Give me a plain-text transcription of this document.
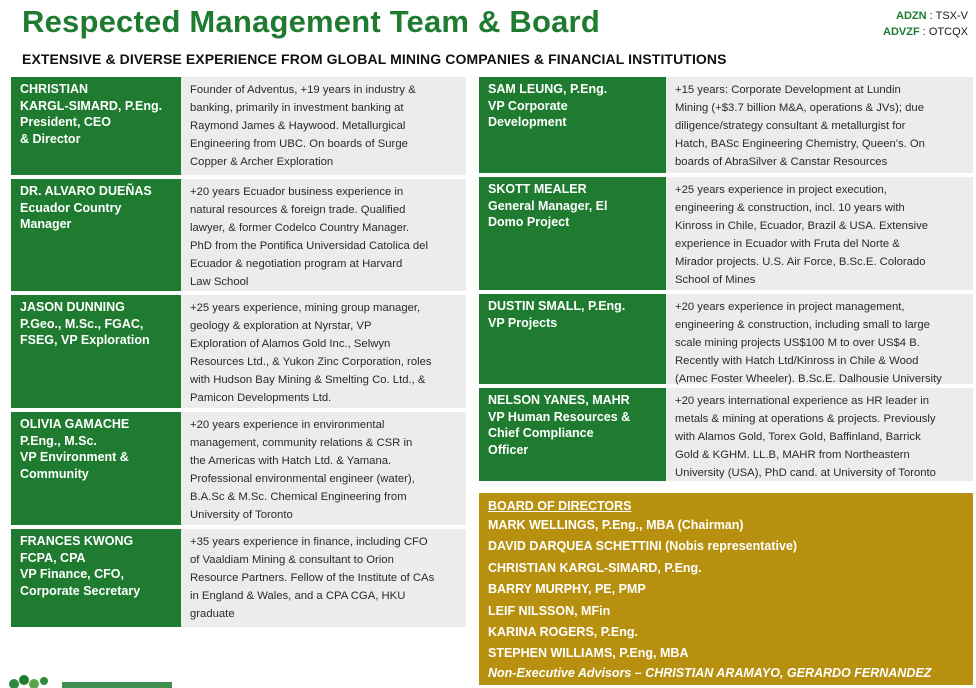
Respected Management Team & Board	ADZN : TSX-V
ADVZF : OTCQX
EXTENSIVE & DIVERSE EXPERIENCE FROM GLOBAL MINING COMPANIES & FINANCIAL INSTITUTIONS
CHRISTIAN
KARGL-SIMARD, P.Eng.
President, CEO
& Director
Founder of Adventus, +19 years in industry &
banking, primarily in investment banking at
Raymond James & Haywood. Metallurgical
Engineering from UBC. On boards of Surge
Copper & Archer Exploration
DR. ALVARO DUEÑAS
Ecuador Country
Manager
+20 years Ecuador business experience in
natural resources & foreign trade. Qualified
lawyer, & former Codelco Country Manager.
PhD from the Pontifica Universidad Catolica del
Ecuador & negotiation program at Harvard
Law School
JASON DUNNING
P.Geo., M.Sc., FGAC,
FSEG, VP Exploration
+25 years experience, mining group manager,
geology & exploration at Nyrstar, VP
Exploration of Alamos Gold Inc., Selwyn
Resources Ltd., & Yukon Zinc Corporation, roles
with Hudson Bay Mining & Smelting Co. Ltd., &
Pamicon Developments Ltd.
OLIVIA GAMACHE
P.Eng., M.Sc.
VP Environment &
Community
+20 years experience in environmental
management, community relations & CSR in
the Americas with Hatch Ltd. & Yamana.
Professional environmental engineer (water),
B.A.Sc & M.Sc. Chemical Engineering from
University of Toronto
FRANCES KWONG
FCPA, CPA
VP Finance, CFO,
Corporate Secretary
+35 years experience in finance, including CFO
of Vaaldiam Mining & consultant to Orion
Resource Partners. Fellow of the Institute of CAs
in England & Wales, and a CPA CGA, HKU
graduate
SAM LEUNG, P.Eng.
VP Corporate
Development
+15 years: Corporate Development at Lundin
Mining (+$3.7 billion M&A, operations & JVs); due
diligence/strategy consultant & metallurgist for
Hatch, BASc Engineering Chemistry, Queen's. On
boards of AbraSilver & Canstar Resources
SKOTT MEALER
General Manager, El
Domo Project
+25 years experience in project execution,
engineering & construction, incl. 10 years with
Kinross in Chile, Ecuador, Brazil & USA. Extensive
experience in Ecuador with Fruta del Norte &
Mirador projects. U.S. Air Force, B.Sc.E. Colorado
School of Mines
DUSTIN SMALL, P.Eng.
VP Projects
+20 years experience in project management,
engineering & construction, including small to large
scale mining projects US$100 M to over US$4 B.
Recently with Hatch Ltd/Kinross in Chile & Wood
(Amec Foster Wheeler). B.Sc.E. Dalhousie University
NELSON YANES, MAHR
VP Human Resources &
Chief Compliance
Officer
+20 years international experience as HR leader in
metals & mining at operations & projects. Previously
with Alamos Gold, Torex Gold, Baffinland, Barrick
Gold & KGHM. LL.B, MAHR from Northeastern
University (USA), PhD cand. at University of Toronto
BOARD OF DIRECTORS
MARK WELLINGS, P.Eng., MBA (Chairman)
DAVID DARQUEA SCHETTINI (Nobis representative)
CHRISTIAN KARGL-SIMARD, P.Eng.
BARRY MURPHY, PE, PMP
LEIF NILSSON, MFin
KARINA ROGERS, P.Eng.
STEPHEN WILLIAMS, P.Eng, MBA
Non-Executive Advisors – CHRISTIAN ARAMAYO, GERARDO FERNANDEZ
